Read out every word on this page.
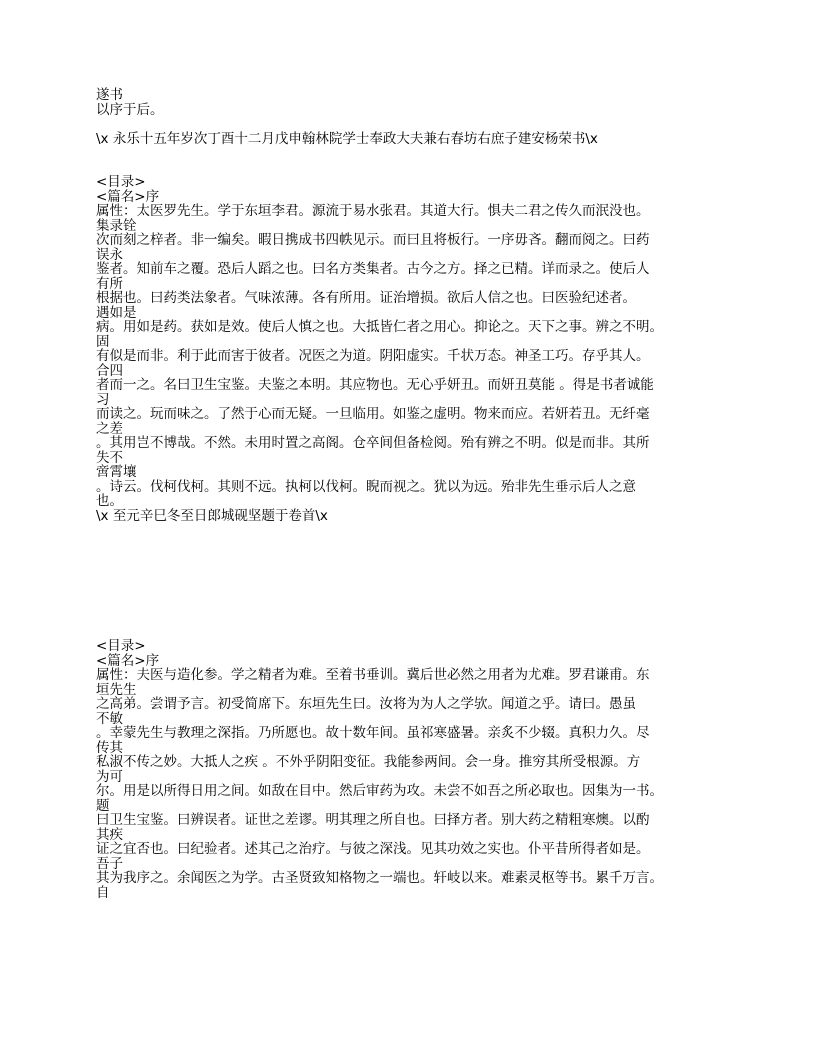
遂书
以序于后。
\x 永乐十五年岁次丁酉十二月戊申翰林院学士奉政大夫兼右春坊右庶子建安杨荣书\x
<目录>
<篇名>序
属性：太医罗先生。学于东垣李君。源流于易水张君。其道大行。惧夫二君之传久而泯没也。
集录铨
次而刻之梓者。非一编矣。暇日携成书四帙见示。而曰且将板行。一序毋吝。翻而阅之。曰药
误永
鉴者。知前车之覆。恐后人蹈之也。曰名方类集者。古今之方。择之已精。详而录之。使后人
有所
根据也。曰药类法象者。气味浓薄。各有所用。证治增损。欲后人信之也。曰医验纪述者。
遇如是
病。用如是药。获如是效。使后人慎之也。大抵皆仁者之用心。抑论之。天下之事。辨之不明。
固
有似是而非。利于此而害于彼者。况医之为道。阴阳虚实。千状万态。神圣工巧。存乎其人。
合四
者而一之。名曰卫生宝鉴。夫鉴之本明。其应物也。无心乎妍丑。而妍丑莫能 。得是书者诚能
习
而读之。玩而味之。了然于心而无疑。一旦临用。如鉴之虚明。物来而应。若妍若丑。无纤毫
之差
。其用岂不博哉。不然。未用时置之高阁。仓卒间但备检阅。殆有辨之不明。似是而非。其所
失不
啻霄壤
。诗云。伐柯伐柯。其则不远。执柯以伐柯。睨而视之。犹以为远。殆非先生垂示后人之意
也。
\x 至元辛巳冬至日郎城砚坚题于卷首\x
<目录>
<篇名>序
属性：夫医与造化参。学之精者为难。至着书垂训。冀后世必然之用者为尤难。罗君谦甫。东
垣先生
之高弟。尝谓予言。初受简席下。东垣先生曰。汝将为为人之学欤。闻道之乎。请曰。愚虽
不敏
。幸蒙先生与教理之深指。乃所愿也。故十数年间。虽祁寒盛暑。亲炙不少辍。真积力久。尽
传其
私淑不传之妙。大抵人之疾 。不外乎阴阳变征。我能参两间。会一身。推穷其所受根源。方
为可
尔。用是以所得日用之间。如敌在目中。然后审药为攻。未尝不如吾之所必取也。因集为一书。
题
曰卫生宝鉴。曰辨误者。证世之差谬。明其理之所自也。曰择方者。别大药之精粗寒燠。以酌
其疾
证之宜否也。曰纪验者。述其己之治疗。与彼之深浅。见其功效之实也。仆平昔所得者如是。
吾子
其为我序之。余闻医之为学。古圣贤致知格物之一端也。轩岐以来。难素灵枢等书。累千万言。
自
